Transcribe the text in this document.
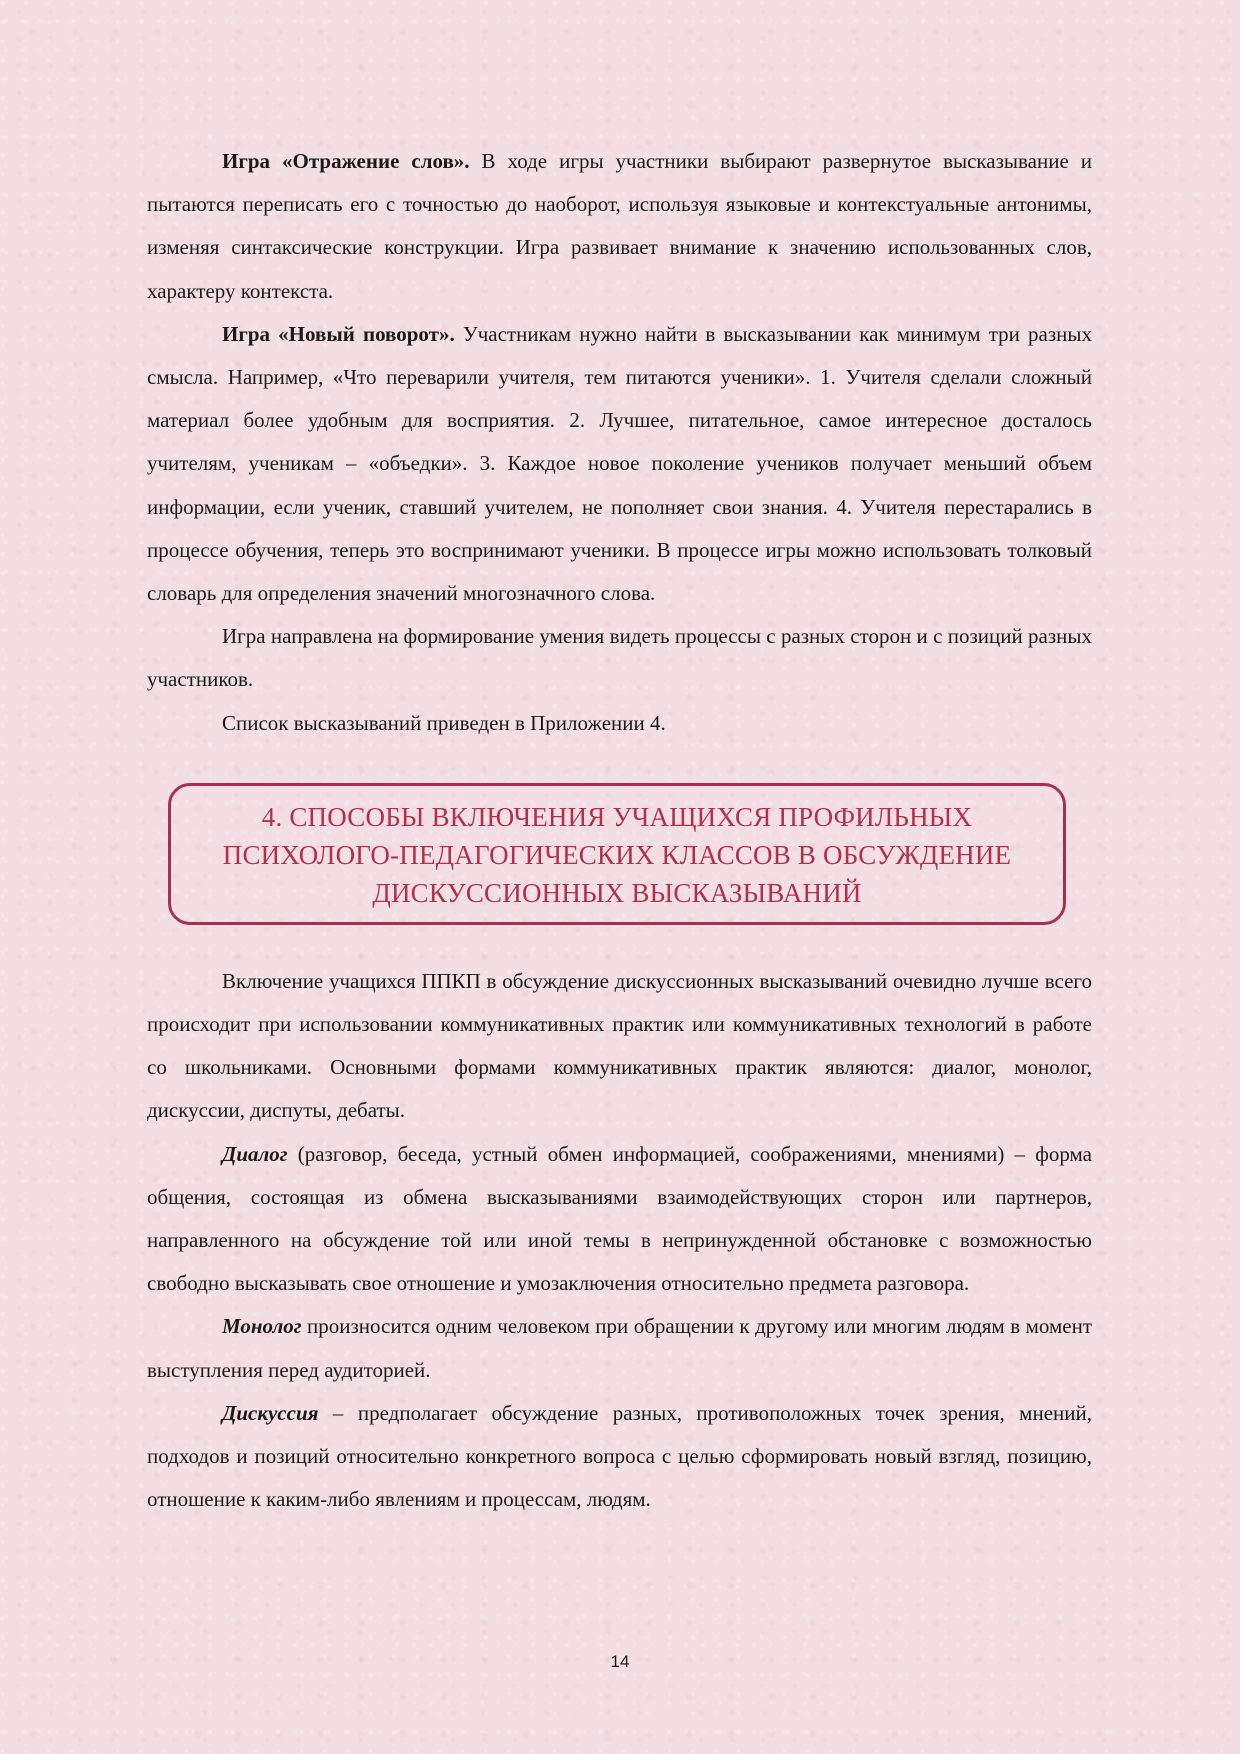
Игра «Отражение слов». В ходе игры участники выбирают развернутое высказывание и пытаются переписать его с точностью до наоборот, используя языковые и контекстуальные антонимы, изменяя синтаксические конструкции. Игра развивает внимание к значению использованных слов, характеру контекста.

Игра «Новый поворот». Участникам нужно найти в высказывании как минимум три разных смысла. Например, «Что переварили учителя, тем питаются ученики». 1. Учителя сделали сложный материал более удобным для восприятия. 2. Лучшее, питательное, самое интересное досталось учителям, ученикам – «объедки». 3. Каждое новое поколение учеников получает меньший объем информации, если ученик, ставший учителем, не пополняет свои знания. 4. Учителя перестарались в процессе обучения, теперь это воспринимают ученики. В процессе игры можно использовать толковый словарь для определения значений многозначного слова.

Игра направлена на формирование умения видеть процессы с разных сторон и с позиций разных участников.

Список высказываний приведен в Приложении 4.

4. СПОСОБЫ ВКЛЮЧЕНИЯ УЧАЩИХСЯ ПРОФИЛЬНЫХ
ПСИХОЛОГО-ПЕДАГОГИЧЕСКИХ КЛАССОВ В ОБСУЖДЕНИЕ
ДИСКУССИОННЫХ ВЫСКАЗЫВАНИЙ

Включение учащихся ППКП в обсуждение дискуссионных высказываний очевидно лучше всего происходит при использовании коммуникативных практик или коммуникативных технологий в работе со школьниками. Основными формами коммуникативных практик являются: диалог, монолог, дискуссии, диспуты, дебаты.

Диалог (разговор, беседа, устный обмен информацией, соображениями, мнениями) – форма общения, состоящая из обмена высказываниями взаимодействующих сторон или партнеров, направленного на обсуждение той или иной темы в непринужденной обстановке с возможностью свободно высказывать свое отношение и умозаключения относительно предмета разговора.

Монолог произносится одним человеком при обращении к другому или многим людям в момент выступления перед аудиторией.

Дискуссия – предполагает обсуждение разных, противоположных точек зрения, мнений, подходов и позиций относительно конкретного вопроса с целью сформировать новый взгляд, позицию, отношение к каким-либо явлениям и процессам, людям.

14
